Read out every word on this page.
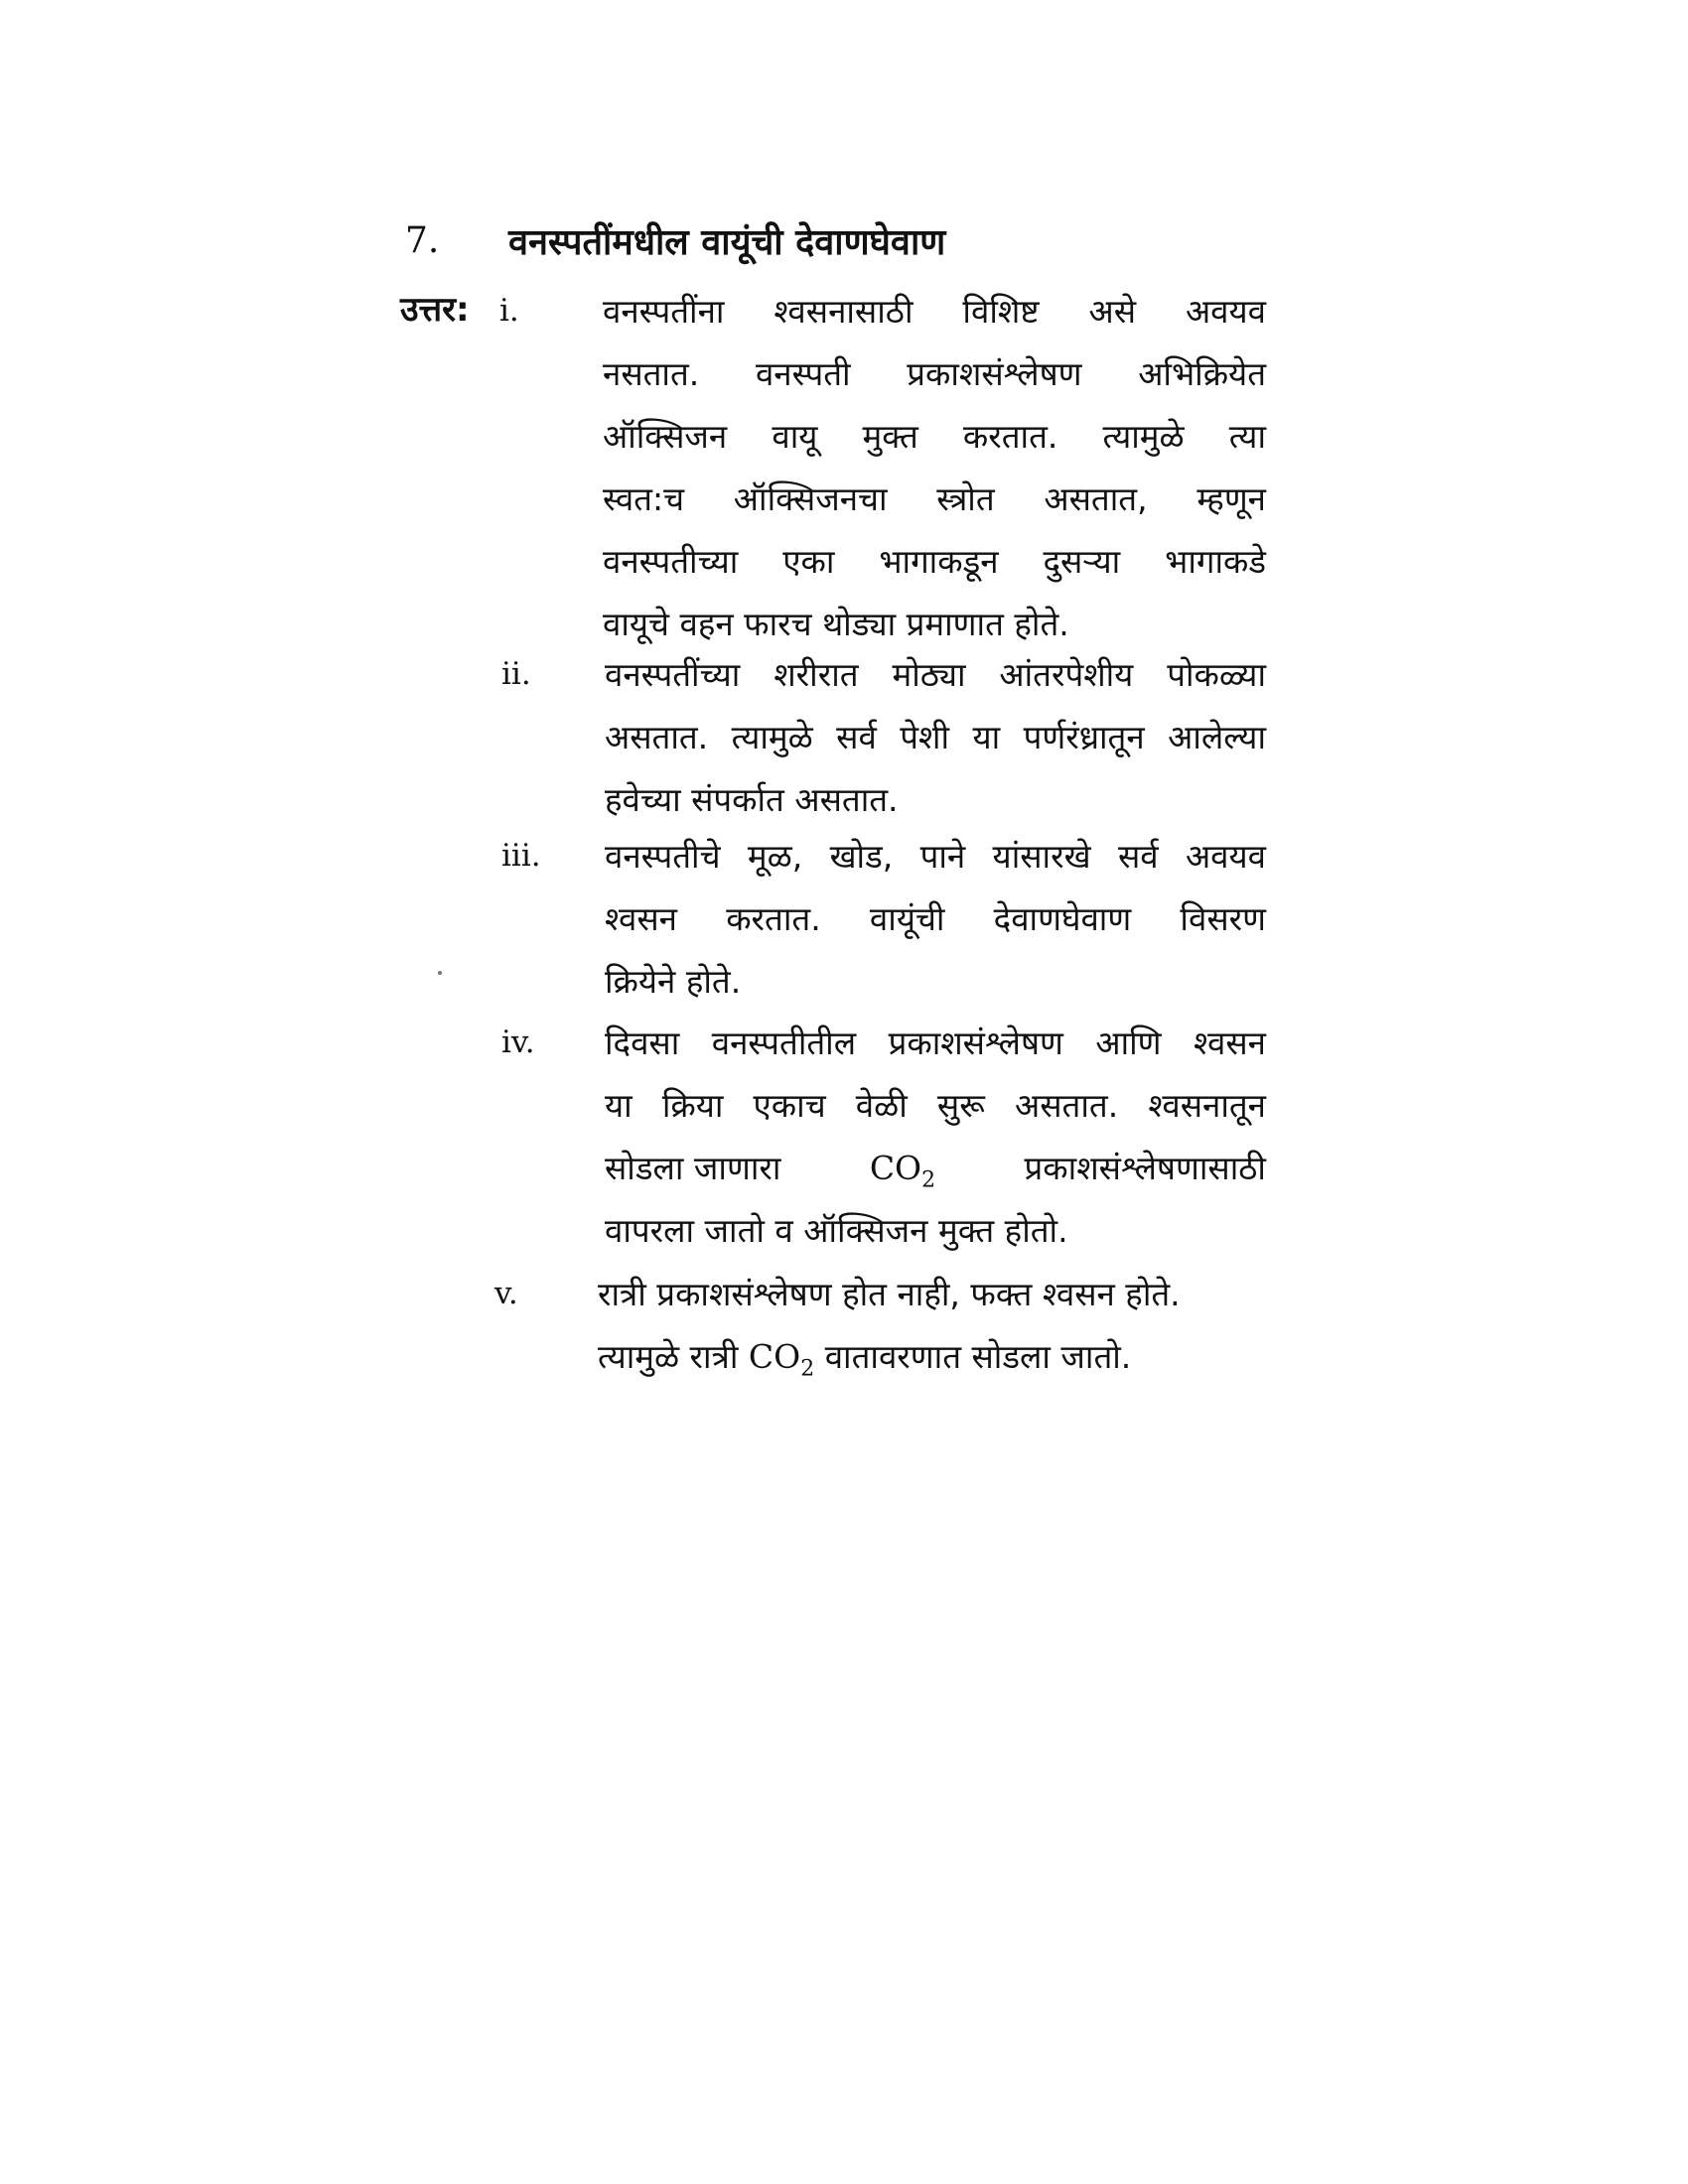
7.	वनस्पतींमधील वायूंची देवाणघेवाण
उत्तर: i.	वनस्पतींना श्वसनासाठी विशिष्ट असे अवयव
नसतात. वनस्पती प्रकाशसंश्लेषण अभिक्रियेत
ऑक्सिजन वायू मुक्त करतात. त्यामुळे त्या
स्वत:च ऑक्सिजनचा स्त्रोत असतात, म्हणून
वनस्पतीच्या एका भागाकडून दुसऱ्या भागाकडे
वायूचे वहन फारच थोड्या प्रमाणात होते.
ii.	वनस्पतींच्या शरीरात मोठ्या आंतरपेशीय पोकळ्या
असतात. त्यामुळे सर्व पेशी या पर्णरंध्रातून आलेल्या
हवेच्या संपर्कात असतात.
iii.	वनस्पतीचे मूळ, खोड, पाने यांसारखे सर्व अवयव
श्वसन करतात. वायूंची देवाणघेवाण विसरण
क्रियेने होते.
iv.	दिवसा वनस्पतीतील प्रकाशसंश्लेषण आणि श्वसन
या क्रिया एकाच वेळी सुरू असतात. श्वसनातून
सोडला जाणारा	$CO_2$	प्रकाशसंश्लेषणासाठी
वापरला जातो व ऑक्सिजन मुक्त होतो.
v.	रात्री प्रकाशसंश्लेषण होत नाही, फक्त श्वसन होते.
त्यामुळे रात्री $CO_2$ वातावरणात सोडला जातो.
